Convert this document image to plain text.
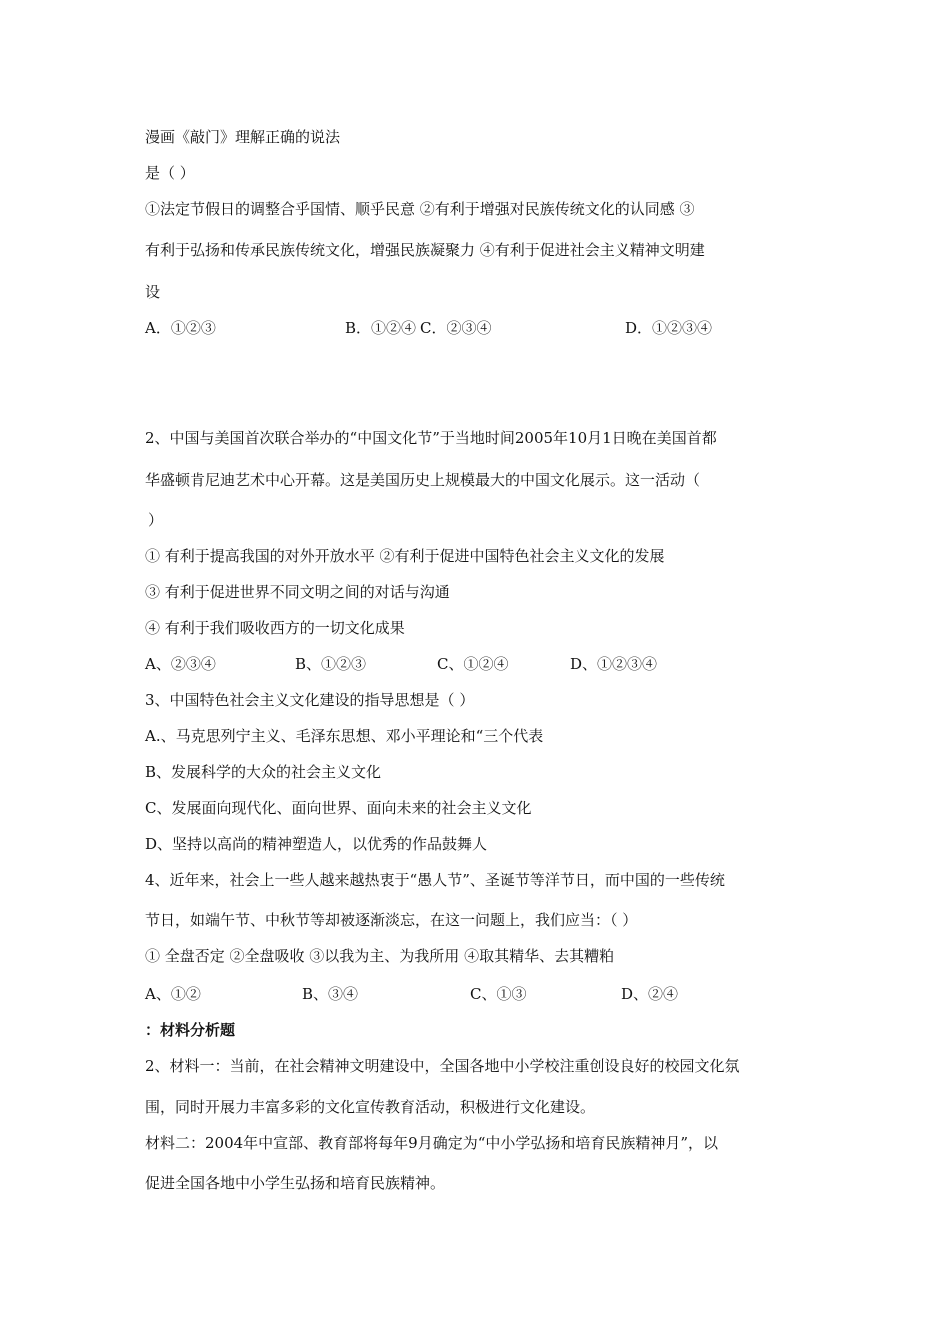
漫画《敲门》理解正确的说法
是（ ）
①法定节假日的调整合乎国情、顺乎民意 ②有利于增强对民族传统文化的认同感 ③
有利于弘扬和传承民族传统文化，增强民族凝聚力 ④有利于促进社会主义精神文明建
设
A．①②③	B．①②④ C．②③④	D．①②③④
2、中国与美国首次联合举办的“中国文化节”于当地时间2005年10月1日晚在美国首都
华盛顿肯尼迪艺术中心开幕。这是美国历史上规模最大的中国文化展示。这一活动（
）
① 有利于提高我国的对外开放水平 ②有利于促进中国特色社会主义文化的发展
③ 有利于促进世界不同文明之间的对话与沟通
④ 有利于我们吸收西方的一切文化成果
A、②③④	B、①②③	C、①②④	D、①②③④
3、中国特色社会主义文化建设的指导思想是（ ）
A.、马克思列宁主义、毛泽东思想、邓小平理论和“三个代表
B、发展科学的大众的社会主义文化
C、发展面向现代化、面向世界、面向未来的社会主义文化
D、坚持以高尚的精神塑造人，以优秀的作品鼓舞人
4、近年来，社会上一些人越来越热衷于“愚人节”、圣诞节等洋节日，而中国的一些传统
节日，如端午节、中秋节等却被逐渐淡忘，在这一问题上，我们应当：（ ）
① 全盘否定 ②全盘吸收 ③以我为主、为我所用 ④取其精华、去其糟粕
A、①②	B、③④	C、①③	D、②④
：材料分析题
2、材料一：当前，在社会精神文明建设中，全国各地中小学校注重创设良好的校园文化氛
围，同时开展力丰富多彩的文化宣传教育活动，积极进行文化建设。
材料二：2004年中宣部、教育部将每年9月确定为“中小学弘扬和培育民族精神月”，以
促进全国各地中小学生弘扬和培育民族精神。
